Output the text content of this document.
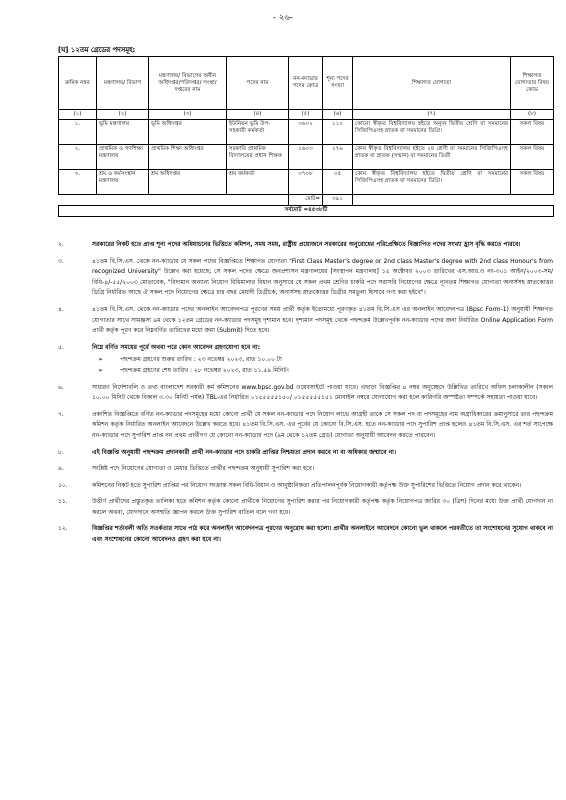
- ২৬-
[ঘ] ১২তম গ্রেডের পদসমূহ:
ক্রমিক নম্বর	মন্ত্রণালয়/ বিভাগ	মন্ত্রণালয়/ বিভাগের অধীন অধিদপ্তর/পরিদপ্তর/ সংস্থা/দপ্তরের নাম	পদের নাম	নন-ক্যাডার পদের কোড	শূন্য পদের সংখ্যা	শিক্ষাগত যোগ্যতা	শিক্ষাগত যোগ্যতার বিষয় কোড
(১)	(২)	(৩)	(৪)	(৫)	(৬)	(৭)	(৮)
১.	ভূমি মন্ত্রণালয়	ভূমি অধিদপ্তর	ইউনিয়ন ভূমি উপ-সহকারী কর্মকর্তা	৩৬০২	১১০	কোনো স্বীকৃত বিশ্ববিদ্যালয় হইতে অন্যূন দ্বিতীয় শ্রেণি বা সমমানের সিজিপিএসহ স্নাতক বা সমমানের ডিগ্রি।	সকল বিষয়
২.	প্রাথমিক ও গণশিক্ষা মন্ত্রণালয়	প্রাথমিক শিক্ষা অধিদপ্তর	সরকারি প্রাথমিক বিদ্যালয়ের প্রধান শিক্ষক	১৬০৩	২৭৬	কোন স্বীকৃত বিশ্ববিদ্যালয় হইতে ২য় শ্রেণী বা সমমানের সিজিপিএসহ স্নাতক বা স্নাতক (সম্মান) বা সমমানের ডিগ্রী	সকল বিষয়
৩.	শ্রম ও কর্মসংস্থান মন্ত্রণালয়	শ্রম অধিদপ্তর	শ্রম কর্মকর্তা	৩৭০৮	০৫	কোন স্বীকৃত বিশ্ববিদ্যালয় হইতে দ্বিতীয় শ্রেণি বা সমমানের সিজিপিএসহ স্নাতক বা সমমানের ডিগ্রি।	সকল বিষয়
				মোট=	৩৯১		
সর্বমোট =৪৫৩৮টি							
২.	সরকারের নিকট হতে প্রাপ্ত শূন্য পদের অধিযাচনের ভিত্তিতে কমিশন, সময় সময়, রাষ্ট্রীয় প্রয়োজনে সরকারের অনুরোধের পরিপ্রেক্ষিতে বিজ্ঞাপিত পদের সংখ্যা হ্রাস বৃদ্ধি করতে পারবে।
৩.	৪১তম বি.সি.এস. থেকে নন-ক্যাডার যে সকল পদের বিজ্ঞপ্তিতে শিক্ষাগত যোগ্যতা "First Class Master's degree or 2nd class Master's degree with 2nd class Honour's from recognized University" উল্লেখ করা হয়েছে; সে সকল পদের ক্ষেত্রে জনপ্রশাসন মন্ত্রণালয়ের [সংস্থাপন মন্ত্রণালয়] ১৫ অক্টোবর ২০০৩ তারিখের এস.আর.ও নং-৩০১ আইন/২০০৩-সম/বিধি-৪/-৫৫/২০০৩ মোতাবেক, "বিদ্যমান অন্যান্য নিয়োগ বিধিমালার বিধান অনুসারে যে সকল প্রথম শ্রেণির চাকরি পদে সরাসরি নিয়োগের ক্ষেত্রে ন্যূনতম শিক্ষাগত যোগ্যতা অনার্সসহ স্নাতকোত্তর ডিগ্রি নির্ধারিত আছে ঐ সকল পদে নিয়োগের ক্ষেত্রে চার বছর মেয়াদী ডিগ্রীকে, অনার্সসহ স্নাতকোত্তর ডিগ্রীর সমতুল্য হিসাবে গণ্য করা হইবে"।
৪.	৪১তম বি.সি.এস. থেকে নন-ক্যাডার পদের অনলাইন আবেদনপত্র পূরণের সময় প্রার্থী কর্তৃক ইতোমধ্যে পূরণকৃত ৪১তম বি.সি.এস এর অনলাইন আবেদনপত্র (Bpsc Form-1) অনুযায়ী শিক্ষাগত যোগ্যতার সাথে সামঞ্জস্য ৯ম থেকে ১২তম গ্রেডের নন-ক্যাডার পদসমূহ দৃশ্যমান হবে। দৃশ্যমান পদসমূহ থেকে পছন্দক্রম উল্লেখপূর্বক নন-ক্যাডার পদের জন্য নির্ধারিত Online Application Form প্রার্থী কর্তৃক পূরণ করে নিম্নবর্ণিত তারিখের মধ্যে জমা (Submit) দিতে হবে।
৫.	নিম্নে বর্ণিত সময়ের পূর্বে অথবা পরে কোন আবেদন গ্রহণযোগ্য হবে না:
➢	পছন্দক্রম গ্রহণের শুরুর তারিখ : ২৩ নভেম্বর ২০২৩, রাত ১০.০০ টা
➢	পছন্দক্রম গ্রহণের শেষ তারিখ : ২৮ নভেম্বর ২০২৩, রাত ১১.৫৯ মিনিট।
৬.	সাধারণ নির্দেশাবলি ও তথ্য বাংলাদেশ সরকারী কর্ম কমিশনের www.bpsc.gov.bd ওয়েবসাইটে পাওয়া যাবে। এছাড়া বিজ্ঞপ্তির ৪ নম্বর অনুচ্ছেদে উল্লিখিত তারিখে অফিস চলাকালীন (সকাল ১০.০০ মিনিট থেকে বিকাল ৩.৩০ মিনিট পর্যন্ত) TBL-এর নির্ধারিত ০১৫৫৫৫৫১৫০/ ০১৫৫৫৫৫১৫১ মোবাইল নম্বরে যোগাযোগ করা হলে কারিগরি অস্পষ্টতা সম্পর্কে সহায়তা পাওয়া যাবে।
৭.	প্রকাশিত বিজ্ঞপ্তিতে বর্ণিত নন-ক্যাডার পদসমূহের মধ্যে কোনো প্রার্থী যে সকল নন-ক্যাডার পদে নিয়োগ লাভে আগ্রহী তাকে সে সকল পদ বা পদসমূহের নাম অগ্রাধিকারের ক্রমানুসারে তার পছন্দক্রম কমিশন কর্তৃক নির্ধারিত অনলাইন আবেদনে উল্লেখ করতে হবে। ৪১তম বি.সি.এস. এর পূর্বের যে কোনো বি.সি.এস. হতে নন-ক্যাডার পদে সুপারিশ প্রাপ্ত হলেও ৪১তম বি.সি.এস. এর শর্ত সাপেক্ষে নন-ক্যাডার পদে সুপারিশ প্রাপ্ত নন প্রথম প্রার্থীগণ যে কোনো নন-ক্যাডার পদে (৯ম থেকে ১২তম গ্রেড) যোগ্যতা অনুযায়ী আবেদন করতে পারবেন।
৮.	এই বিজ্ঞপ্তি অনুযায়ী পছন্দক্রম প্রদানকারী প্রার্থী নন-ক্যাডার পদে চাকরি প্রাপ্তির নিশ্চয়তা প্রদান করবে না বা অধিকার জন্মাবে না।
৯.	সংশ্লিষ্ট পদে নিয়োগের যোগ্যতা ও মেধার ভিত্তিতে প্রার্থীর পছন্দক্রম অনুযায়ী সুপারিশ করা হবে।
১০.	কমিশনের নিকট হতে সুপারিশ প্রাপ্তির পর নিয়োগ সংক্রান্ত সকল বিধি-বিধান ও আনুষ্ঠানিকতা প্রতিপালনপূর্বক নিয়োগকারী কর্তৃপক্ষ উক্ত সুপারিশের ভিত্তিতে নিয়োগ প্রদান করে থাকেন।
১১.	উত্তীর্ণ প্রার্থীদের প্রস্তুতকৃত তালিকা হতে কমিশন কর্তৃক কোনো প্রার্থীকে নিয়োগের সুপারিশ করার পর নিয়োগকারী কর্তৃপক্ষ কর্তৃক নিয়োগপত্র জারির ৩০ (ত্রিশ) দিনের মধ্যে উক্ত প্রার্থী যোগদান না করলে অথবা, যোগদানে অসম্মতি জ্ঞাপন করলে উক্ত সুপারিশ বাতিল বলে গণ্য হবে।
১২.	বিজ্ঞপ্তির শর্তাবলী অতি সতর্কতার সাথে পাঠ করে অনলাইন আবেদনপত্র পূরণের অনুরোধ করা হলো। প্রার্থীর অনলাইনে আবেদনে কোনো ভুল থাকলে পরবর্তীতে তা সংশোধনের সুযোগ থাকবে না এবং সংশোধনের কোনো আবেদনও গ্রহণ করা হবে না।
